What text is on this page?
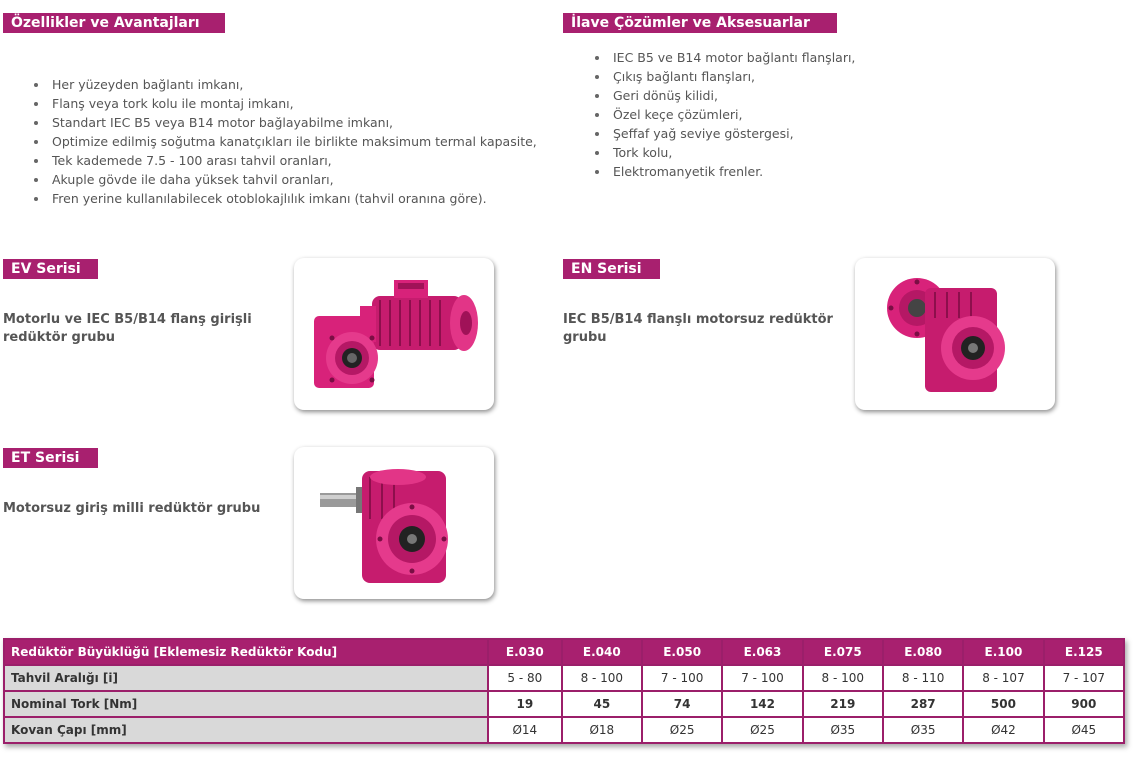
Özellikler ve Avantajları
Her yüzeyden bağlantı imkanı,
Flanş veya tork kolu ile montaj imkanı,
Standart IEC B5 veya B14 motor bağlayabilme imkanı,
Optimize edilmiş soğutma kanatçıkları ile birlikte maksimum termal kapasite,
Tek kademede 7.5 - 100 arası tahvil oranları,
Akuple gövde ile daha yüksek tahvil oranları,
Fren yerine kullanılabilecek otoblokajlılık imkanı (tahvil oranına göre).
İlave Çözümler ve Aksesuarlar
IEC B5 ve B14 motor bağlantı flanşları,
Çıkış bağlantı flanşları,
Geri dönüş kilidi,
Özel keçe çözümleri,
Şeffaf yağ seviye göstergesi,
Tork kolu,
Elektromanyetik frenler.
EV Serisi
Motorlu ve IEC B5/B14 flanş girişli redüktör grubu
EN Serisi
IEC B5/B14 flanşlı motorsuz redüktör grubu
ET Serisi
Motorsuz giriş milli redüktör grubu
Redüktör Büyüklüğü [Eklemesiz Redüktör Kodu]	E.030	E.040	E.050	E.063	E.075	E.080	E.100	E.125
Tahvil Aralığı [i]	5 - 80	8 - 100	7 - 100	7 - 100	8 - 100	8 - 110	8 - 107	7 - 107
Nominal Tork [Nm]	19	45	74	142	219	287	500	900
Kovan Çapı [mm]	Ø14	Ø18	Ø25	Ø25	Ø35	Ø35	Ø42	Ø45
